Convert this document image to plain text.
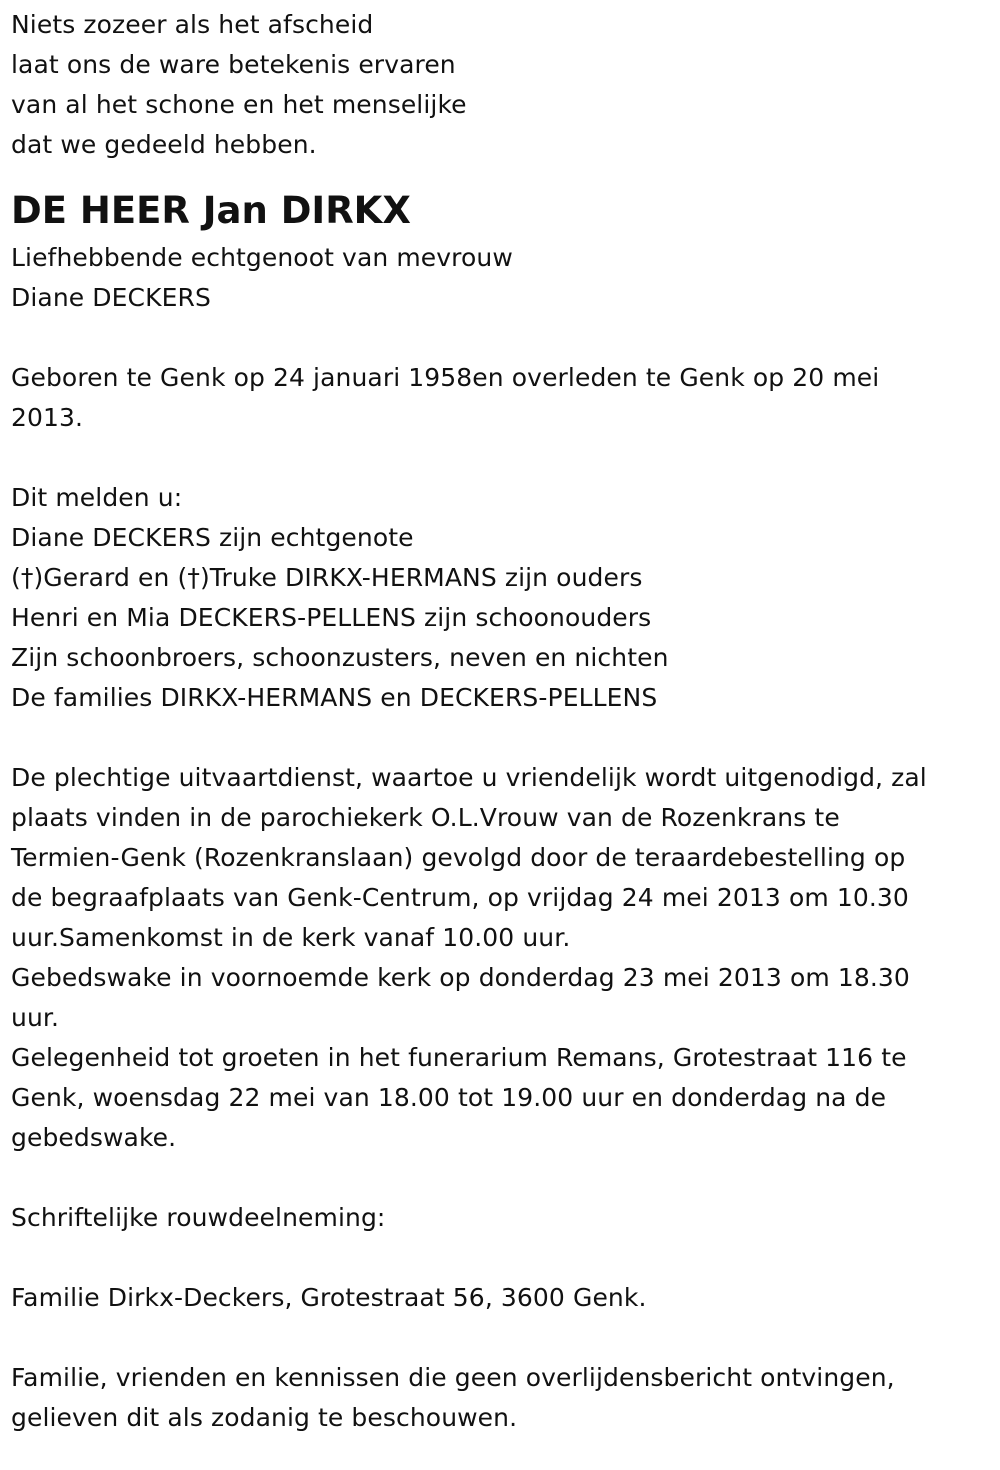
Niets zozeer als het afscheid
laat ons de ware betekenis ervaren
van al het schone en het menselijke
dat we gedeeld hebben.
DE HEER Jan DIRKX
Liefhebbende echtgenoot van mevrouw
Diane DECKERS
Geboren te Genk op 24 januari 1958en overleden te Genk op 20 mei
2013.
Dit melden u:
Diane DECKERS zijn echtgenote
(†)Gerard en (†)Truke DIRKX-HERMANS zijn ouders
Henri en Mia DECKERS-PELLENS zijn schoonouders
Zijn schoonbroers, schoonzusters, neven en nichten
De families DIRKX-HERMANS en DECKERS-PELLENS
De plechtige uitvaartdienst, waartoe u vriendelijk wordt uitgenodigd, zal
plaats vinden in de parochiekerk O.L.Vrouw van de Rozenkrans te
Termien-Genk (Rozenkranslaan) gevolgd door de teraardebestelling op
de begraafplaats van Genk-Centrum, op vrijdag 24 mei 2013 om 10.30
uur.Samenkomst in de kerk vanaf 10.00 uur.
Gebedswake in voornoemde kerk op donderdag 23 mei 2013 om 18.30
uur.
Gelegenheid tot groeten in het funerarium Remans, Grotestraat 116 te
Genk, woensdag 22 mei van 18.00 tot 19.00 uur en donderdag na de
gebedswake.
Schriftelijke rouwdeelneming:
Familie Dirkx-Deckers, Grotestraat 56, 3600 Genk.
Familie, vrienden en kennissen die geen overlijdensbericht ontvingen,
gelieven dit als zodanig te beschouwen.
